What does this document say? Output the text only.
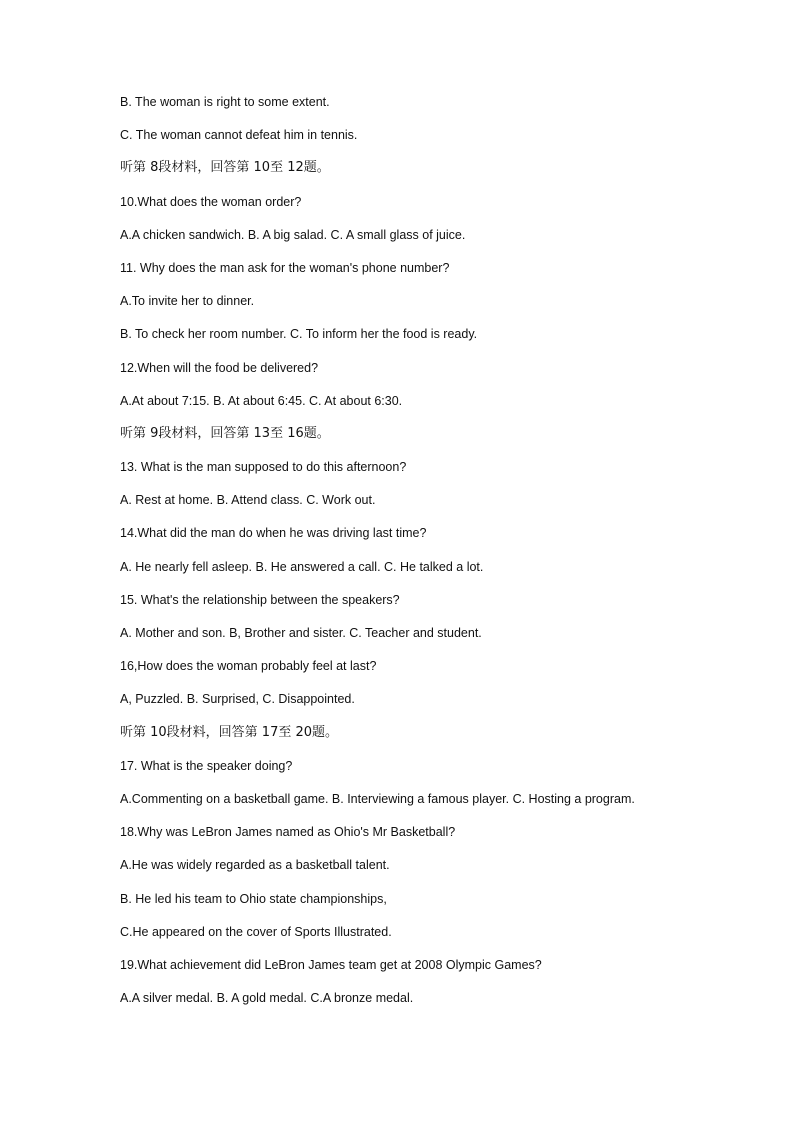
B. The woman is right to some extent.
C. The woman cannot defeat him in tennis.
听第 8段材料，回答第 10至 12题。
10.What does the woman order?
A.A chicken sandwich. B. A big salad. C. A small glass of juice.
11. Why does the man ask for the woman's phone number?
A.To invite her to dinner.
B. To check her room number. C. To inform her the food is ready.
12.When will the food be delivered?
A.At about 7:15. B. At about 6:45. C. At about 6:30.
听第 9段材料，回答第 13至 16题。
13. What is the man supposed to do this afternoon?
A. Rest at home. B. Attend class. C. Work out.
14.What did the man do when he was driving last time?
A. He nearly fell asleep. B. He answered a call. C. He talked a lot.
15. What's the relationship between the speakers?
A. Mother and son. B, Brother and sister. C. Teacher and student.
16,How does the woman probably feel at last?
A, Puzzled. B. Surprised, C. Disappointed.
听第 10段材料，回答第 17至 20题。
17. What is the speaker doing?
A.Commenting on a basketball game. B. Interviewing a famous player. C. Hosting a program.
18.Why was LeBron James named as Ohio's Mr Basketball?
A.He was widely regarded as a basketball talent.
B. He led his team to Ohio state championships,
C.He appeared on the cover of Sports Illustrated.
19.What achievement did LeBron James team get at 2008 Olympic Games?
A.A silver medal. B. A gold medal. C.A bronze medal.
